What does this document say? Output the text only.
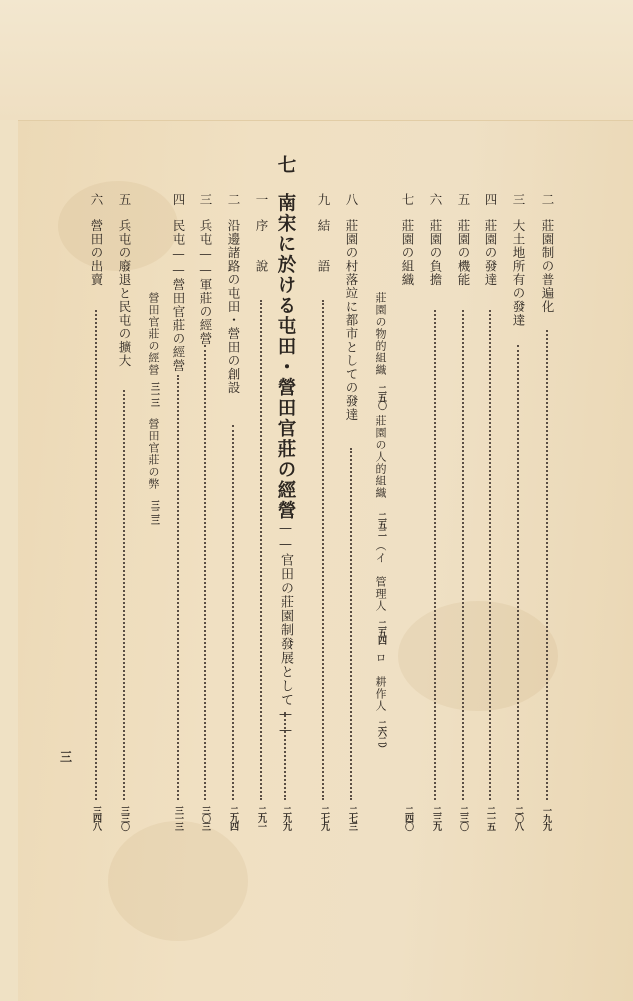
二　莊園制の普遍化
一九九
三　大土地所有の發達
二〇八
四　莊園の發達
二一五
五　莊園の機能
二三〇
六　莊園の負擔
二三九
七　莊園の組織
二四〇
莊園の物的組織
二五〇
莊園の人的組織
二五二
（イ　管理人
二五四
ロ　耕作人
二六二）
八　莊園の村落竝に都市としての發達
二七三
九　結　　語
二七九
七
南宋に於ける屯田・營田官莊の經營——官田の莊園制發展として——
二九九
一　序　　說
二九一
二　沿邊諸路の屯田・營田の創設
二九四
三　兵屯——軍莊の經營
三〇三
四　民屯——營田官莊の經營
三一三
營田官莊の經營
三一三
營田官莊の弊
三二三
五　兵屯の廢退と民屯の擴大
三三〇
六　營田の出賣
三四八
三
